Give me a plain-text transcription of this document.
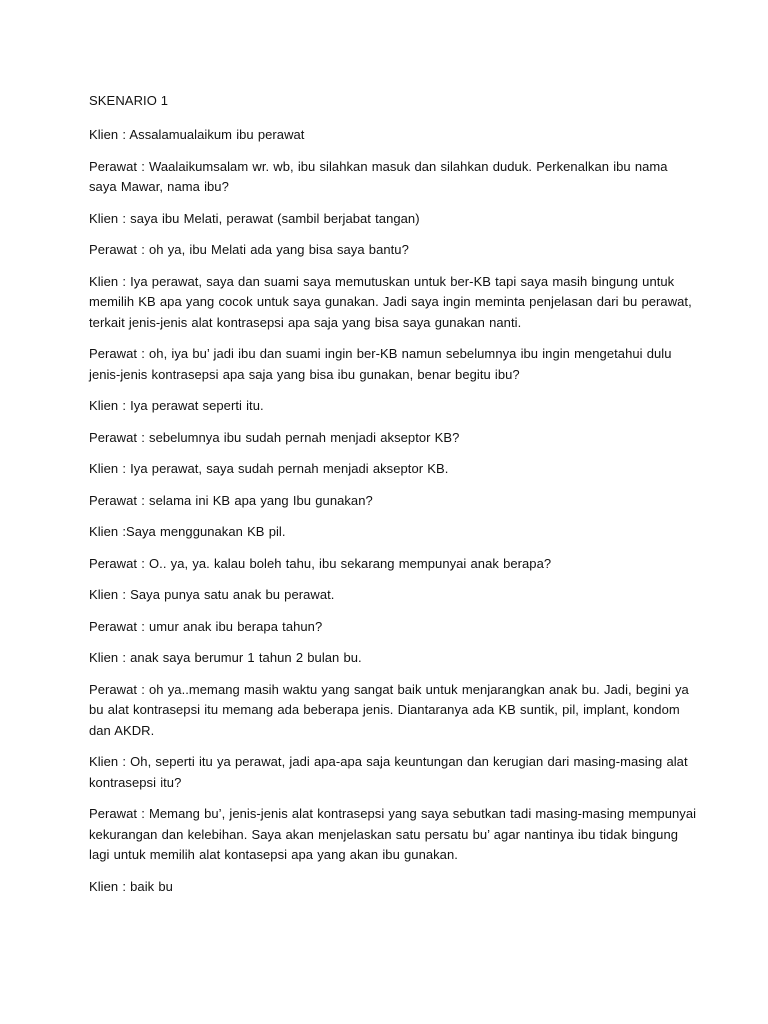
SKENARIO 1
Klien : Assalamualaikum ibu perawat
Perawat : Waalaikumsalam wr. wb, ibu silahkan masuk dan silahkan duduk. Perkenalkan ibu nama saya Mawar, nama ibu?
Klien : saya ibu Melati, perawat (sambil berjabat tangan)
Perawat : oh ya, ibu Melati ada yang bisa saya bantu?
Klien : Iya perawat, saya dan suami saya memutuskan untuk ber-KB tapi saya masih bingung untuk memilih KB apa yang cocok untuk saya gunakan. Jadi saya ingin meminta penjelasan dari bu perawat, terkait jenis-jenis alat kontrasepsi apa saja yang bisa saya gunakan nanti.
Perawat : oh, iya bu’ jadi ibu dan suami ingin ber-KB namun sebelumnya ibu ingin mengetahui dulu jenis-jenis kontrasepsi apa saja yang bisa ibu gunakan, benar begitu ibu?
Klien : Iya perawat seperti itu.
Perawat : sebelumnya ibu sudah pernah menjadi akseptor KB?
Klien : Iya perawat, saya sudah pernah menjadi akseptor KB.
Perawat : selama ini KB apa yang Ibu gunakan?
Klien :Saya menggunakan KB pil.
Perawat : O.. ya, ya. kalau boleh tahu, ibu sekarang mempunyai anak berapa?
Klien : Saya punya satu anak bu perawat.
Perawat : umur anak ibu berapa tahun?
Klien : anak saya berumur 1 tahun 2 bulan bu.
Perawat : oh ya..memang masih waktu yang sangat baik untuk menjarangkan anak bu. Jadi, begini ya bu alat kontrasepsi itu memang ada beberapa jenis. Diantaranya ada KB suntik, pil, implant, kondom dan AKDR.
Klien : Oh, seperti itu ya perawat, jadi apa-apa saja keuntungan dan kerugian dari masing-masing alat kontrasepsi itu?
Perawat : Memang bu’, jenis-jenis alat kontrasepsi yang saya sebutkan tadi masing-masing mempunyai kekurangan dan kelebihan. Saya akan menjelaskan satu persatu bu’ agar nantinya ibu tidak bingung lagi untuk memilih alat kontasepsi apa yang akan ibu gunakan.
Klien : baik bu
